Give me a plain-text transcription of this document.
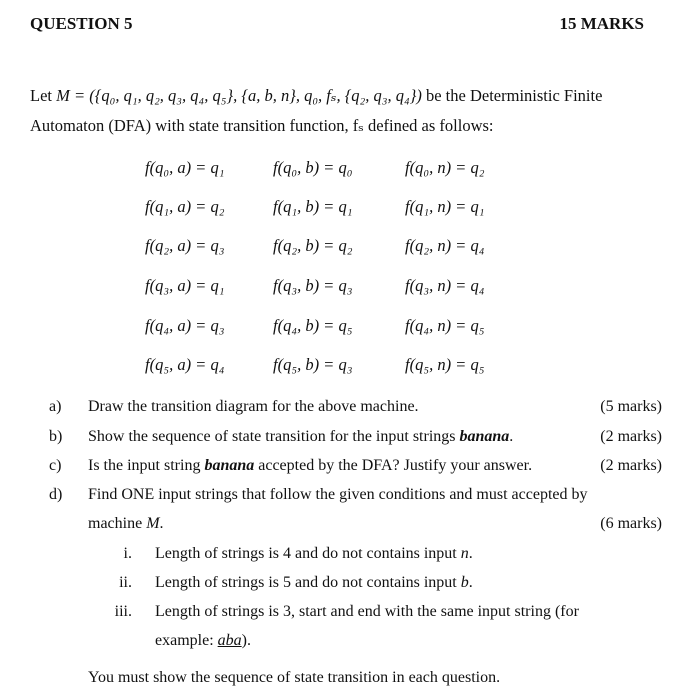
QUESTION 5	15 MARKS
Let M = ({q₀, q₁, q₂, q₃, q₄, q₅}, {a, b, n}, q₀, fₛ, {q₂, q₃, q₄}) be the Deterministic Finite
Automaton (DFA) with state transition function, fₛ defined as follows:
f(q₀, a) = q₁	f(q₀, b) = q₀	f(q₀, n) = q₂
f(q₁, a) = q₂	f(q₁, b) = q₁	f(q₁, n) = q₁
f(q₂, a) = q₃	f(q₂, b) = q₂	f(q₂, n) = q₄
f(q₃, a) = q₁	f(q₃, b) = q₃	f(q₃, n) = q₄
f(q₄, a) = q₃	f(q₄, b) = q₅	f(q₄, n) = q₅
f(q₅, a) = q₄	f(q₅, b) = q₃	f(q₅, n) = q₅
a) Draw the transition diagram for the above machine.	(5 marks)
b) Show the sequence of state transition for the input strings banana.	(2 marks)
c) Is the input string banana accepted by the DFA? Justify your answer.	(2 marks)
d) Find ONE input strings that follow the given conditions and must accepted by
machine M.	(6 marks)
i. Length of strings is 4 and do not contains input n.
ii. Length of strings is 5 and do not contains input b.
iii. Length of strings is 3, start and end with the same input string (for
example: aba).
You must show the sequence of state transition in each question.
